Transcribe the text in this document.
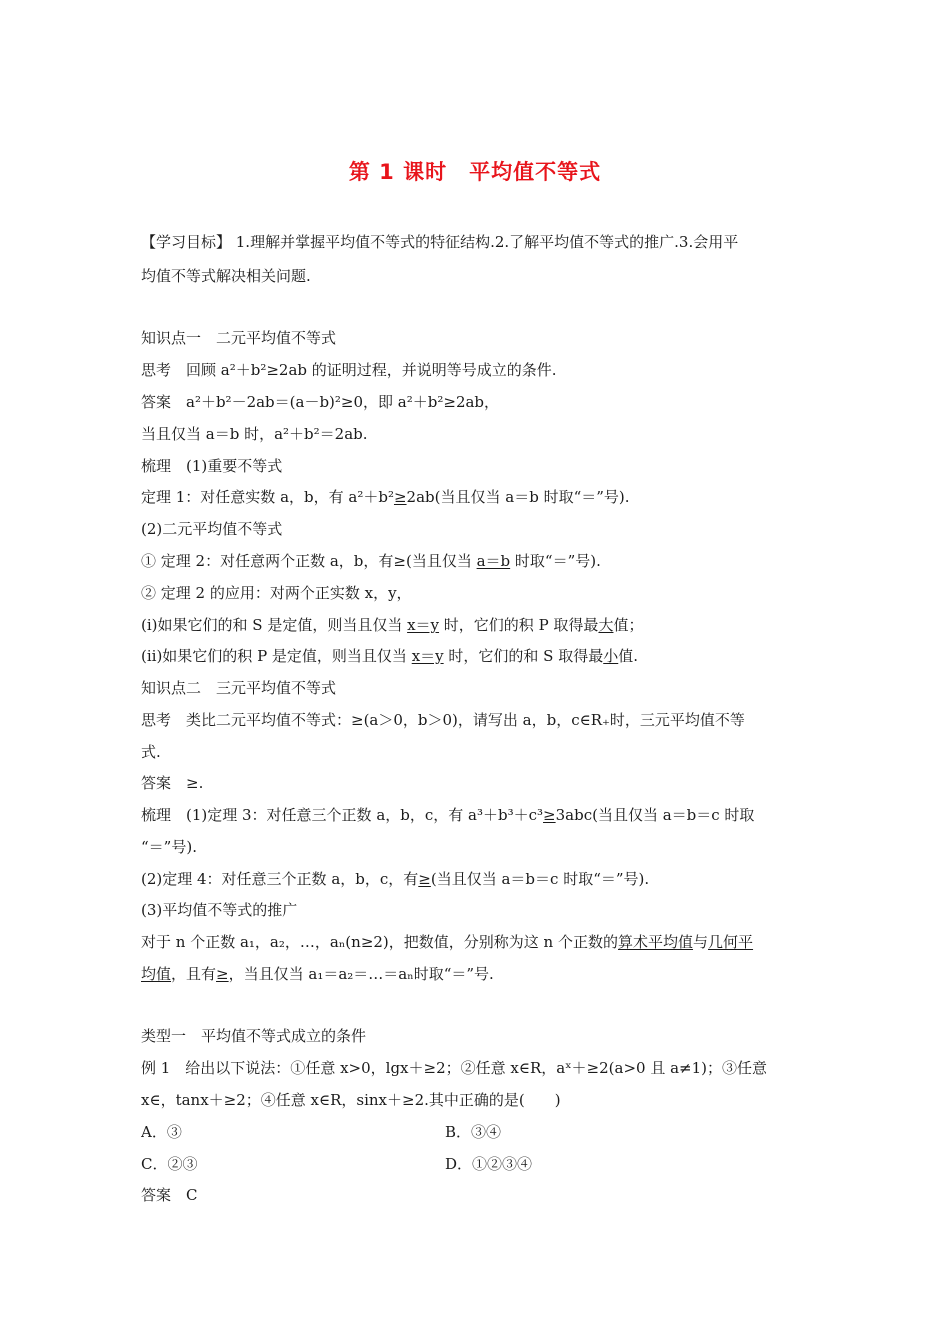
第 1 课时　平均值不等式
【学习目标】 1.理解并掌握平均值不等式的特征结构.2.了解平均值不等式的推广.3.会用平
均值不等式解决相关问题.
知识点一　二元平均值不等式
思考　回顾 a²＋b²≥2ab 的证明过程，并说明等号成立的条件.
答案　a²＋b²－2ab＝(a－b)²≥0，即 a²＋b²≥2ab，
当且仅当 a＝b 时，a²＋b²＝2ab.
梳理　(1)重要不等式
定理 1：对任意实数 a，b，有 a²＋b²≥2ab(当且仅当 a＝b 时取“＝”号).
(2)二元平均值不等式
① 定理 2：对任意两个正数 a，b，有≥(当且仅当 a＝b 时取“＝”号).
② 定理 2 的应用：对两个正实数 x，y，
(ⅰ)如果它们的和 S 是定值，则当且仅当 x＝y 时，它们的积 P 取得最大值；
(ⅱ)如果它们的积 P 是定值，则当且仅当 x＝y 时，它们的和 S 取得最小值.
知识点二　三元平均值不等式
思考　类比二元平均值不等式：≥(a＞0，b＞0)，请写出 a，b，c∈R₊时，三元平均值不等
式.
答案　≥.
梳理　(1)定理 3：对任意三个正数 a，b，c，有 a³＋b³＋c³≥3abc(当且仅当 a＝b＝c 时取
“＝”号).
(2)定理 4：对任意三个正数 a，b，c，有≥(当且仅当 a＝b＝c 时取“＝”号).
(3)平均值不等式的推广
对于 n 个正数 a₁，a₂，…，aₙ(n≥2)，把数值，分别称为这 n 个正数的算术平均值与几何平
均值，且有≥，当且仅当 a₁＝a₂＝…＝aₙ时取“＝”号.
类型一　平均值不等式成立的条件
例 1　给出以下说法：①任意 x>0，lgx＋≥2；②任意 x∈R，aˣ＋≥2(a>0 且 a≠1)；③任意
x∈，tanx＋≥2；④任意 x∈R，sinx＋≥2.其中正确的是(　　)
A．③	B．③④
C．②③	D．①②③④
答案　C
